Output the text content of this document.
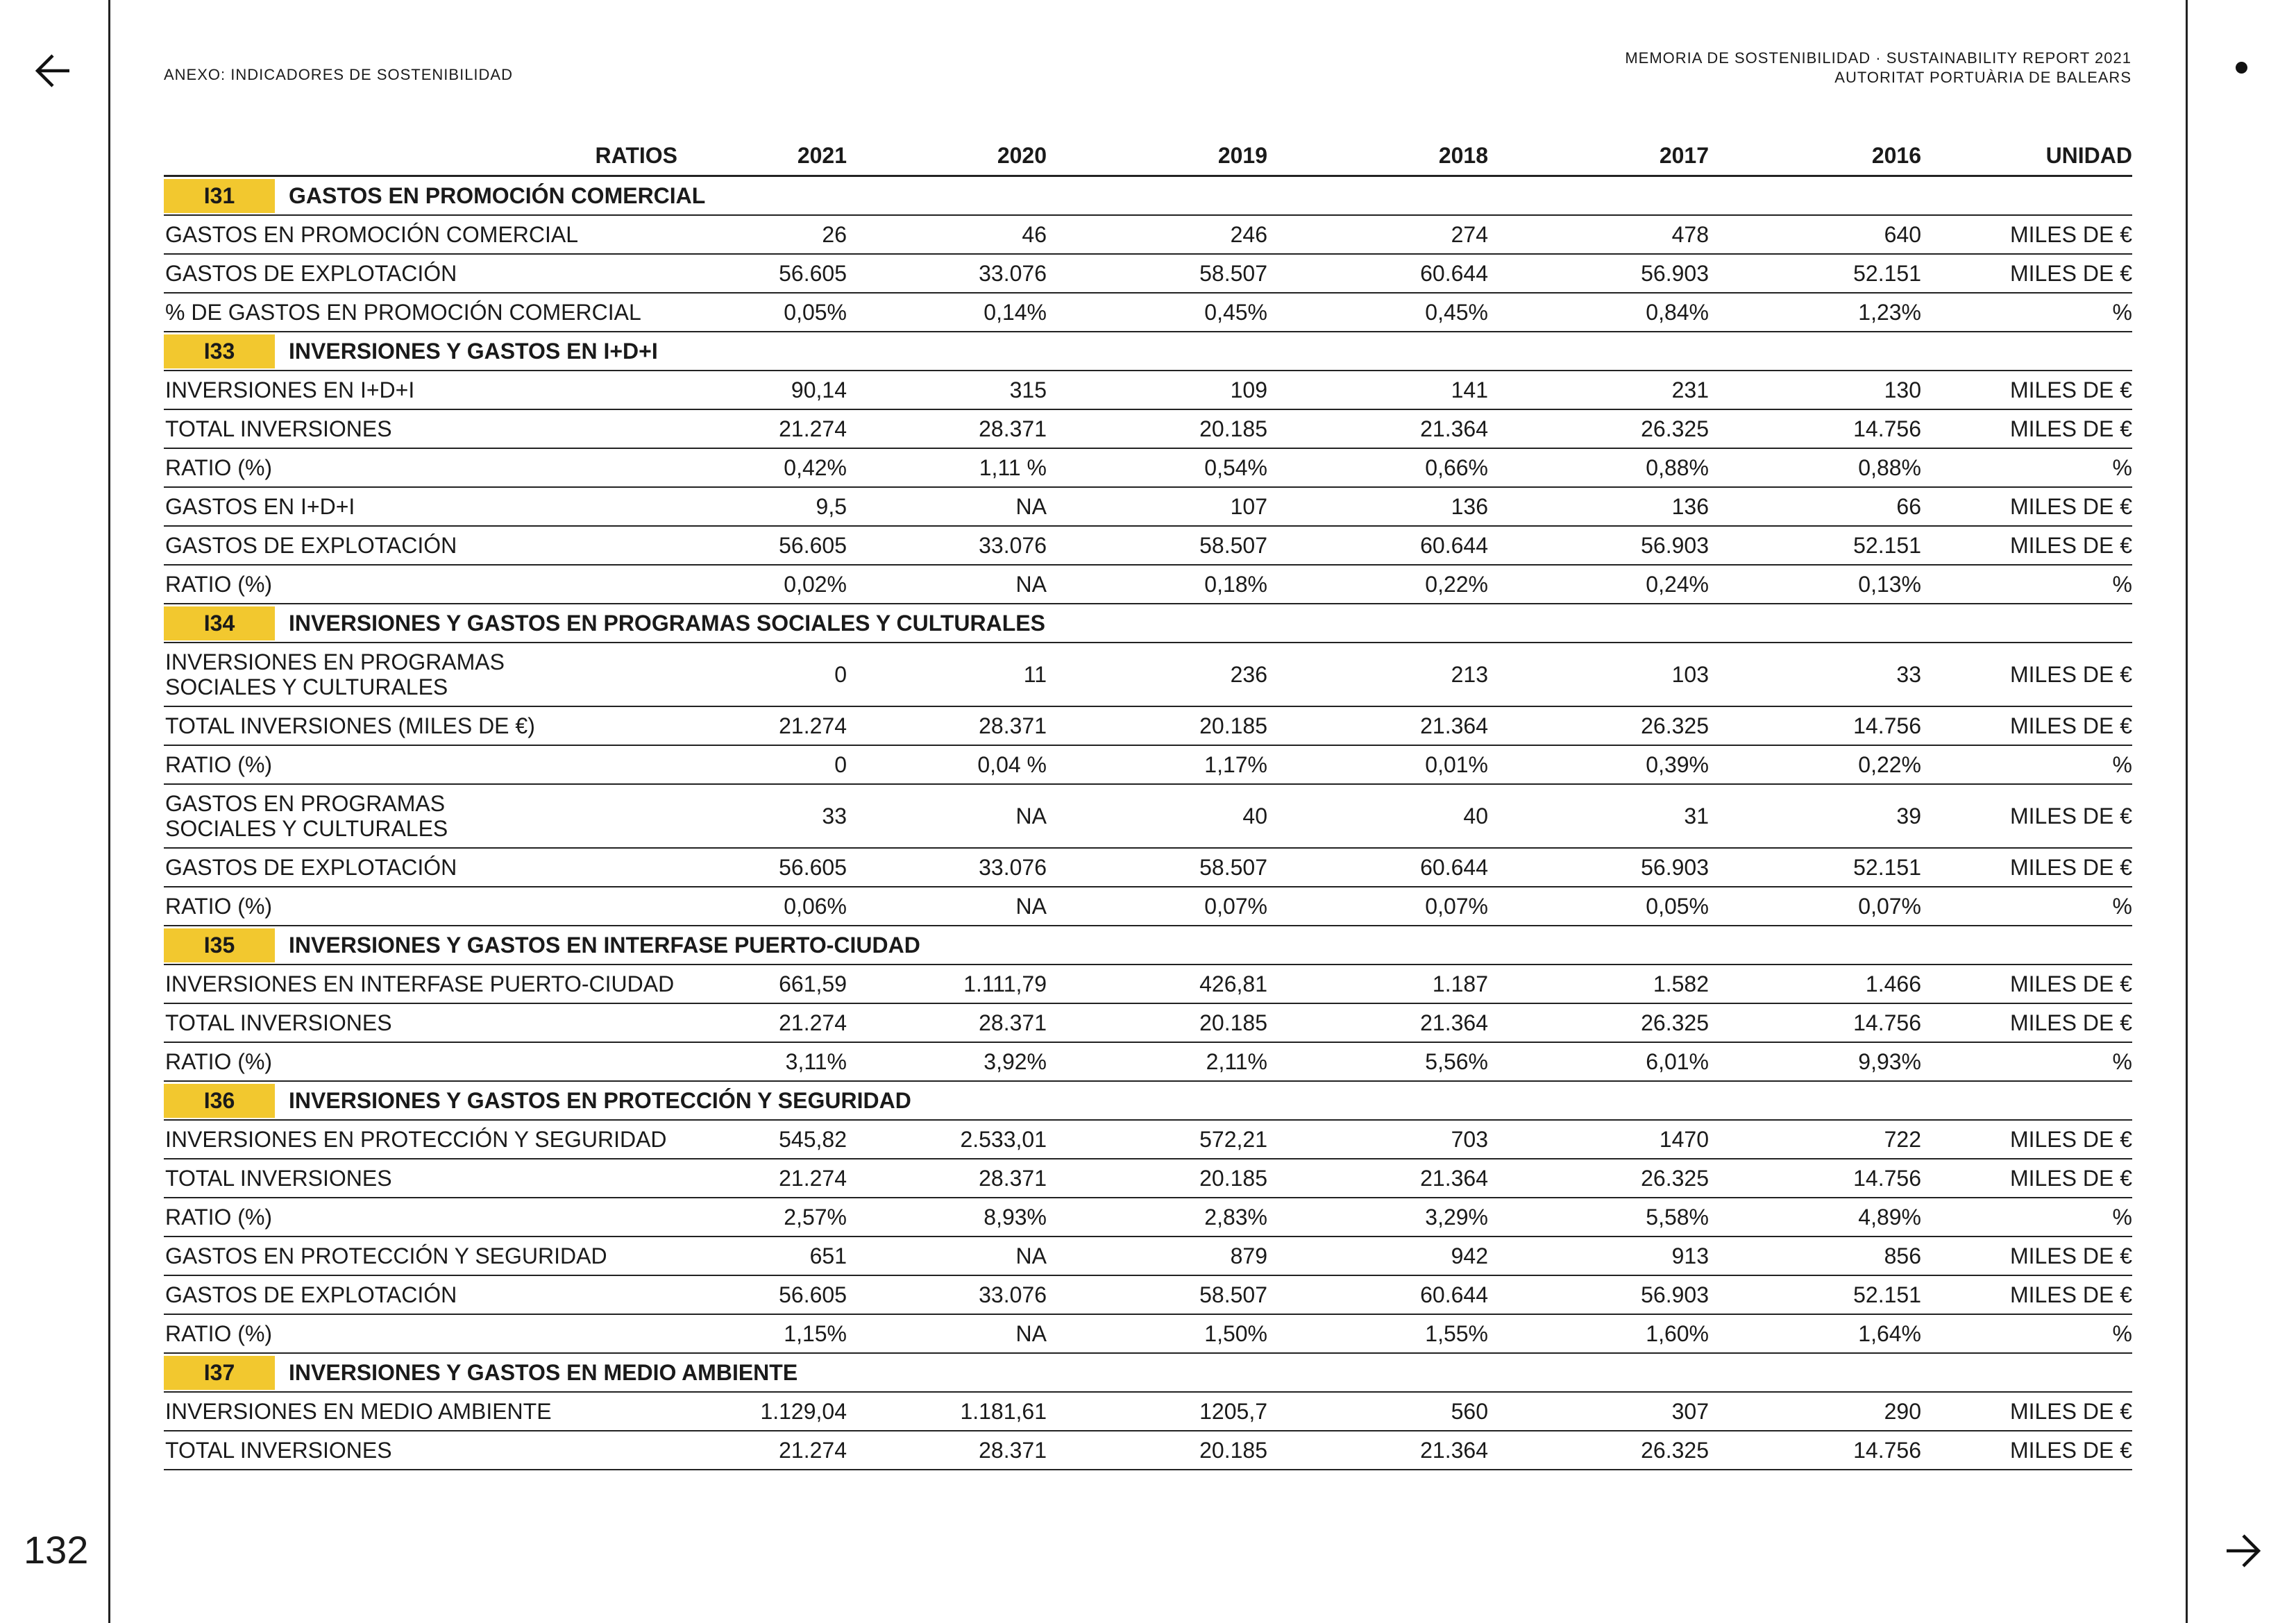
ANEXO: INDICADORES DE SOSTENIBILIDAD
MEMORIA DE SOSTENIBILIDAD · SUSTAINABILITY REPORT 2021
AUTORITAT PORTUÀRIA DE BALEARS
RATIOS	2021	2020	2019	2018	2017	2016	UNIDAD
I31 GASTOS EN PROMOCIÓN COMERCIAL							
GASTOS EN PROMOCIÓN COMERCIAL	26	46	246	274	478	640	MILES DE €
GASTOS DE EXPLOTACIÓN	56.605	33.076	58.507	60.644	56.903	52.151	MILES DE €
% DE GASTOS EN PROMOCIÓN COMERCIAL	0,05%	0,14%	0,45%	0,45%	0,84%	1,23%	%
I33 INVERSIONES Y GASTOS EN I+D+I							
INVERSIONES EN I+D+I	90,14	315	109	141	231	130	MILES DE €
TOTAL INVERSIONES	21.274	28.371	20.185	21.364	26.325	14.756	MILES DE €
RATIO (%)	0,42%	1,11 %	0,54%	0,66%	0,88%	0,88%	%
GASTOS EN I+D+I	9,5	NA	107	136	136	66	MILES DE €
GASTOS DE EXPLOTACIÓN	56.605	33.076	58.507	60.644	56.903	52.151	MILES DE €
RATIO (%)	0,02%	NA	0,18%	0,22%	0,24%	0,13%	%
I34 INVERSIONES Y GASTOS EN PROGRAMAS SOCIALES Y CULTURALES							
INVERSIONES EN PROGRAMAS SOCIALES Y CULTURALES	0	11	236	213	103	33	MILES DE €
TOTAL INVERSIONES (MILES DE €)	21.274	28.371	20.185	21.364	26.325	14.756	MILES DE €
RATIO (%)	0	0,04 %	1,17%	0,01%	0,39%	0,22%	%
GASTOS EN PROGRAMAS SOCIALES Y CULTURALES	33	NA	40	40	31	39	MILES DE €
GASTOS DE EXPLOTACIÓN	56.605	33.076	58.507	60.644	56.903	52.151	MILES DE €
RATIO (%)	0,06%	NA	0,07%	0,07%	0,05%	0,07%	%
I35 INVERSIONES Y GASTOS EN INTERFASE PUERTO-CIUDAD							
INVERSIONES EN INTERFASE PUERTO-CIUDAD	661,59	1.111,79	426,81	1.187	1.582	1.466	MILES DE €
TOTAL INVERSIONES	21.274	28.371	20.185	21.364	26.325	14.756	MILES DE €
RATIO (%)	3,11%	3,92%	2,11%	5,56%	6,01%	9,93%	%
I36 INVERSIONES Y GASTOS EN PROTECCIÓN Y SEGURIDAD							
INVERSIONES EN PROTECCIÓN Y SEGURIDAD	545,82	2.533,01	572,21	703	1470	722	MILES DE €
TOTAL INVERSIONES	21.274	28.371	20.185	21.364	26.325	14.756	MILES DE €
RATIO (%)	2,57%	8,93%	2,83%	3,29%	5,58%	4,89%	%
GASTOS EN PROTECCIÓN Y SEGURIDAD	651	NA	879	942	913	856	MILES DE €
GASTOS DE EXPLOTACIÓN	56.605	33.076	58.507	60.644	56.903	52.151	MILES DE €
RATIO (%)	1,15%	NA	1,50%	1,55%	1,60%	1,64%	%
I37 INVERSIONES Y GASTOS EN MEDIO AMBIENTE							
INVERSIONES EN MEDIO AMBIENTE	1.129,04	1.181,61	1205,7	560	307	290	MILES DE €
TOTAL INVERSIONES	21.274	28.371	20.185	21.364	26.325	14.756	MILES DE €
132
